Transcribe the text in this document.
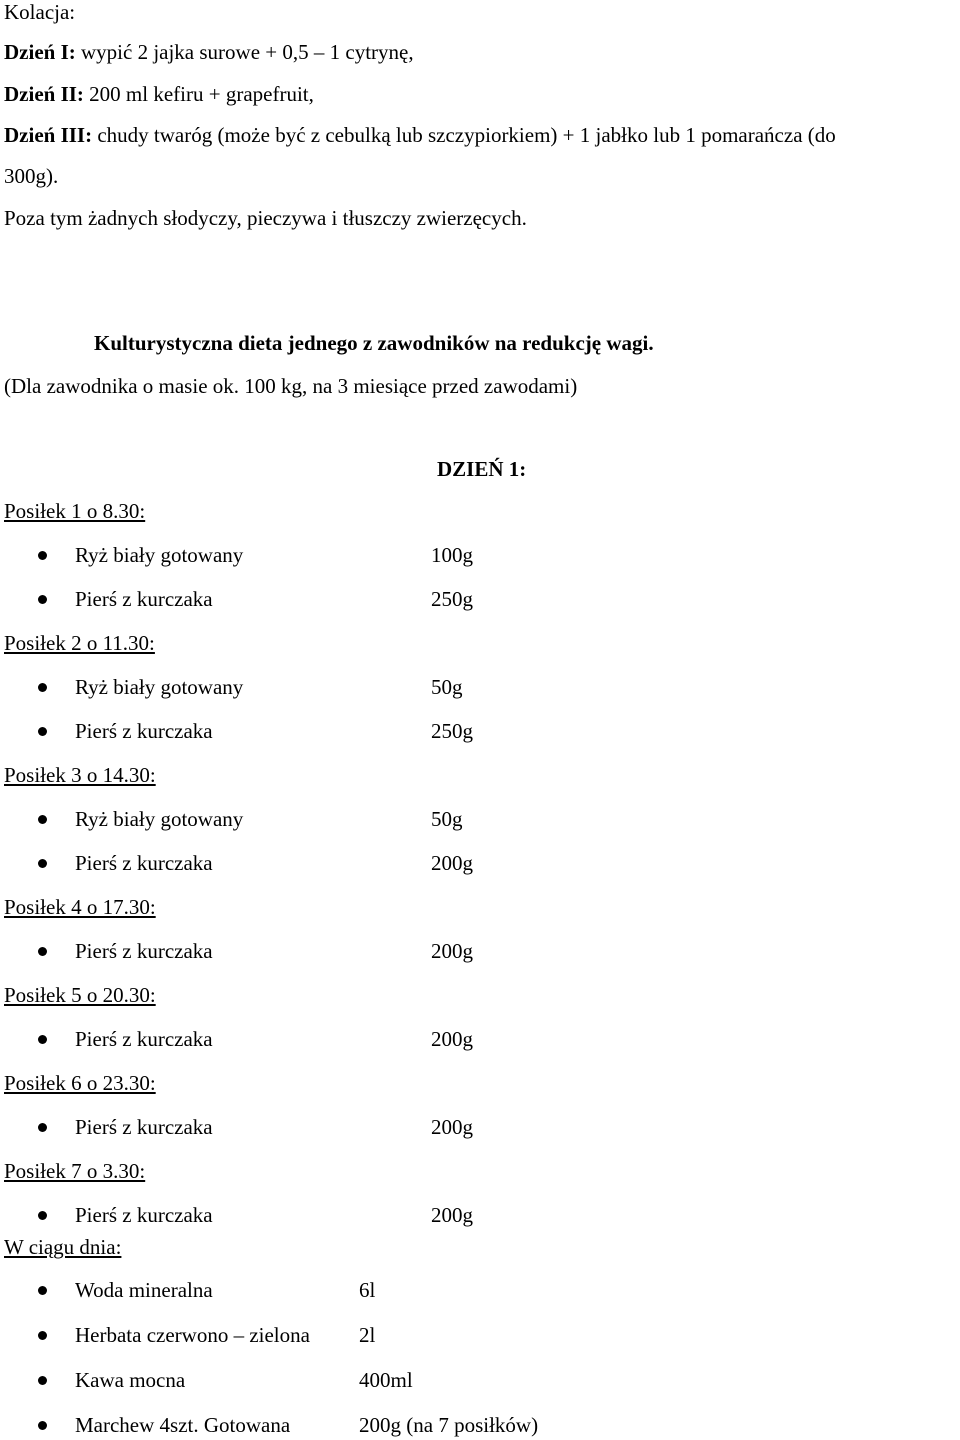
Kolacja:
Dzień I: wypić 2 jajka surowe + 0,5 – 1 cytrynę,
Dzień II: 200 ml kefiru + grapefruit,
Dzień III: chudy twaróg (może być z cebulką lub szczypiorkiem) + 1 jabłko lub 1 pomarańcza (do
300g).
Poza tym żadnych słodyczy, pieczywa i tłuszczy zwierzęcych.
Kulturystyczna dieta jednego z zawodników na redukcję wagi.
(Dla zawodnika o masie ok. 100 kg, na 3 miesiące przed zawodami)
DZIEŃ 1:
Posiłek 1 o 8.30:
Ryż biały gotowany	100g
Pierś z kurczaka	250g
Posiłek 2 o 11.30:
Ryż biały gotowany	50g
Pierś z kurczaka	250g
Posiłek 3 o 14.30:
Ryż biały gotowany	50g
Pierś z kurczaka	200g
Posiłek 4 o 17.30:
Pierś z kurczaka	200g
Posiłek 5 o 20.30:
Pierś z kurczaka	200g
Posiłek 6 o 23.30:
Pierś z kurczaka	200g
Posiłek 7 o 3.30:
Pierś z kurczaka	200g
W ciągu dnia:
Woda mineralna	6l
Herbata czerwono – zielona 2l
Kawa mocna	400ml
Marchew 4szt. Gotowana	200g (na 7 posiłków)
